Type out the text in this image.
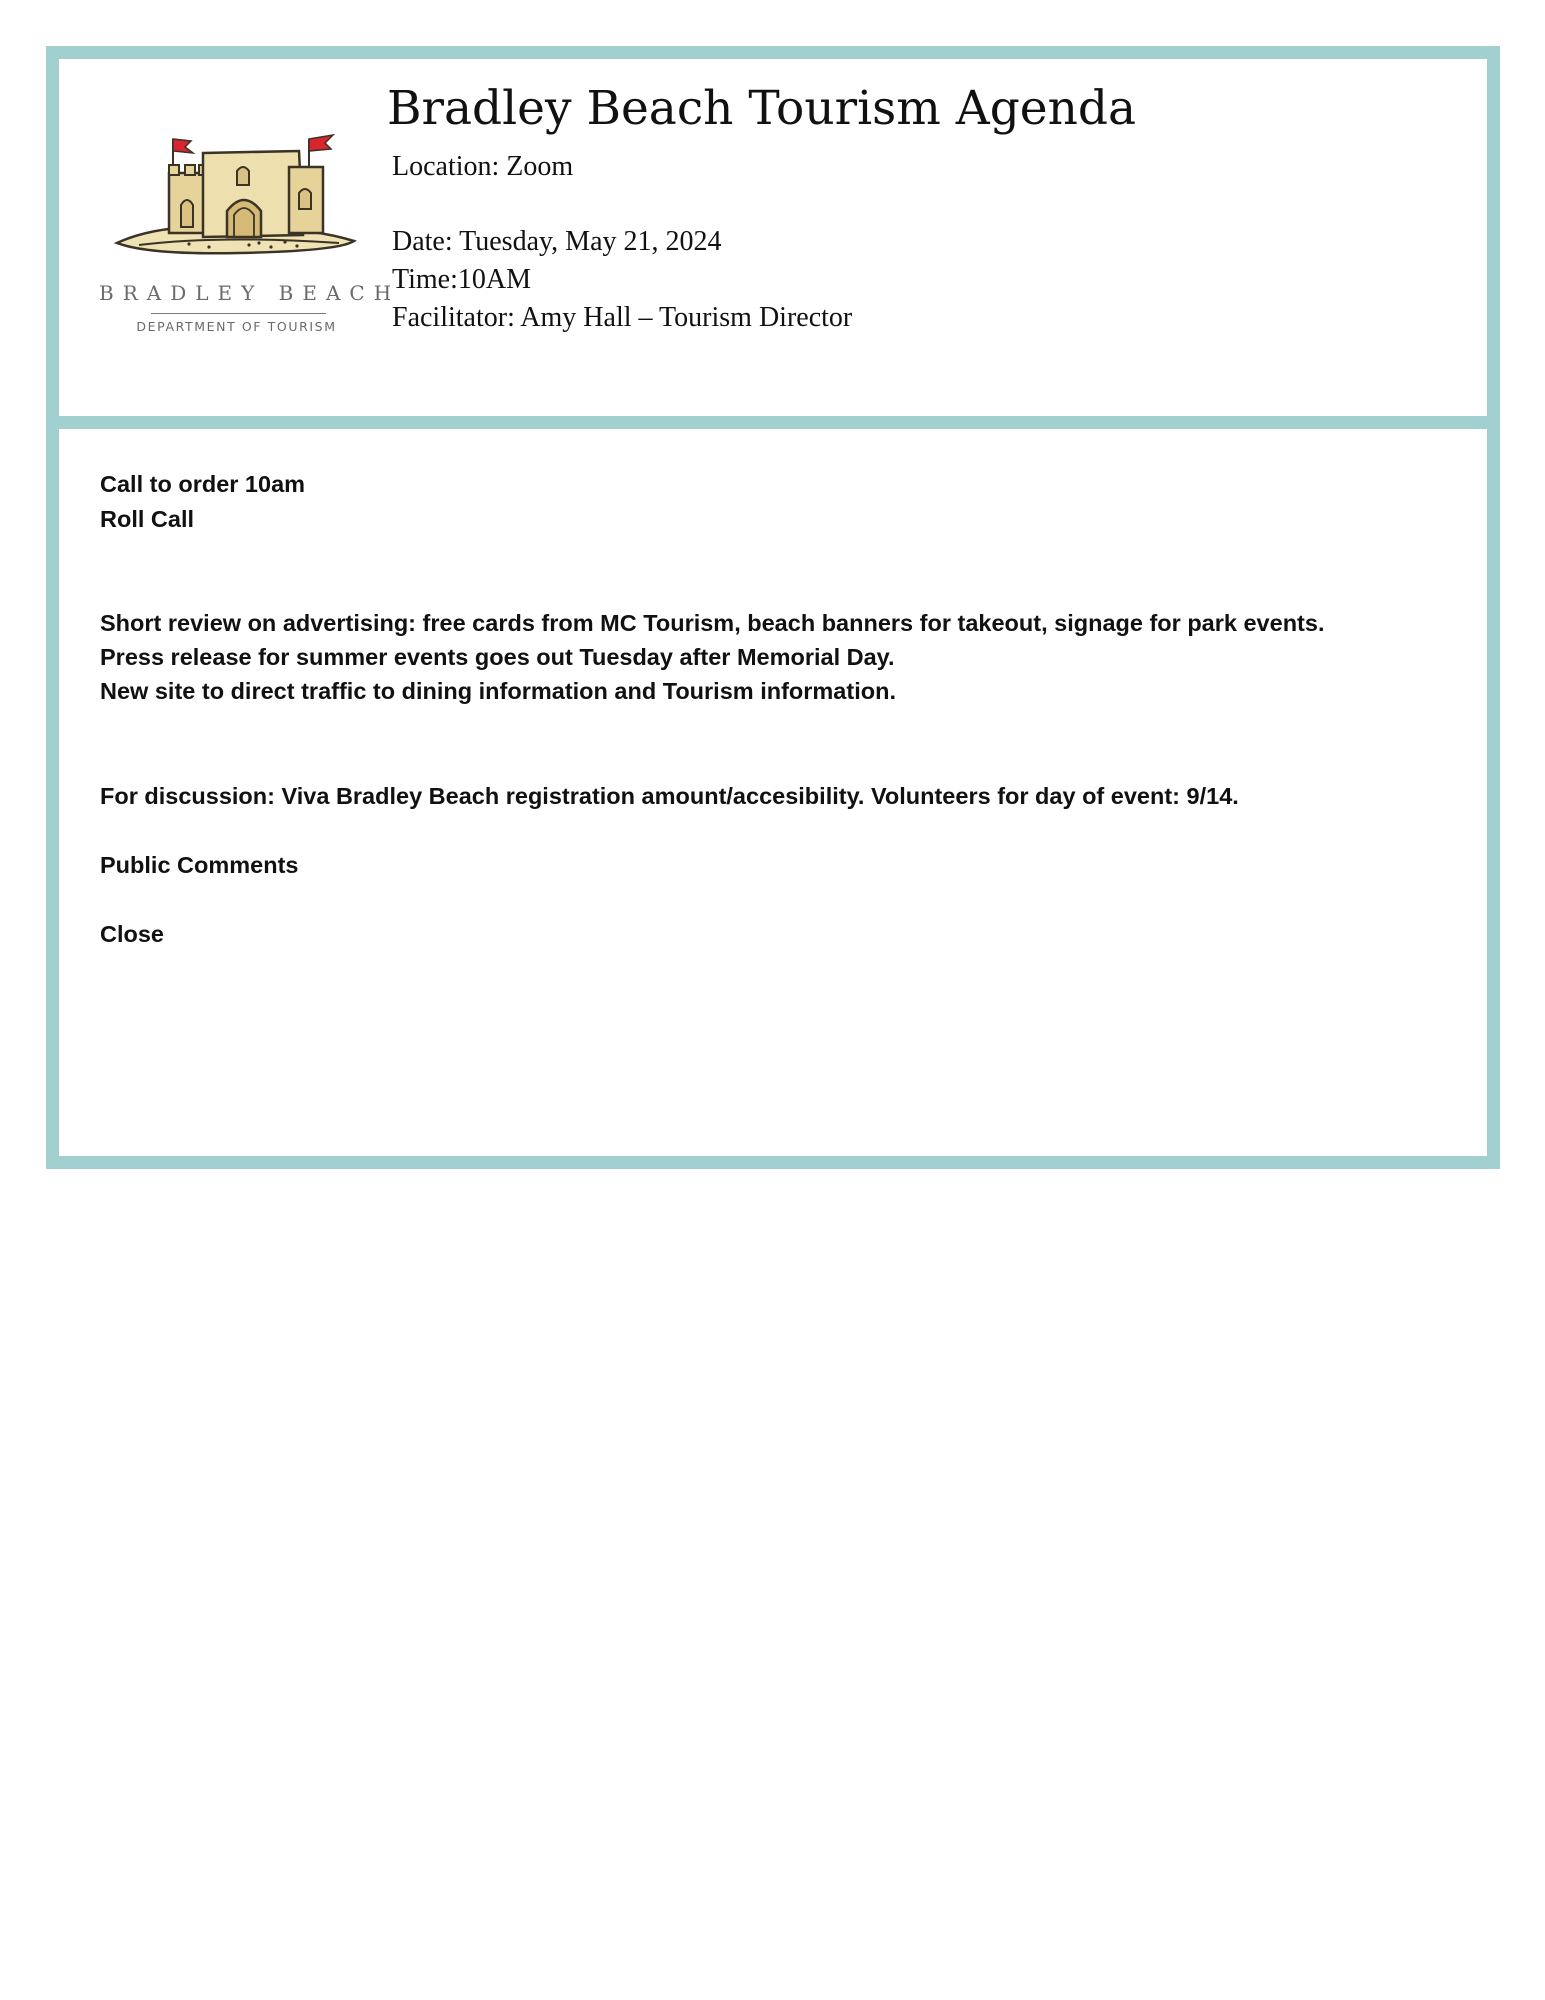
BRADLEY BEACH
DEPARTMENT OF TOURISM
Bradley Beach Tourism Agenda

Location: Zoom

Date: Tuesday, May 21, 2024

Time:10AM

Facilitator: Amy Hall – Tourism Director

Call to order 10am

Roll Call

Short review on advertising: free cards from MC Tourism, beach banners for takeout, signage for park events.

Press release for summer events goes out Tuesday after Memorial Day.

New site to direct traffic to dining information and Tourism information.

For discussion: Viva Bradley Beach registration amount/accesibility. Volunteers for day of event: 9/14.

Public Comments

Close
